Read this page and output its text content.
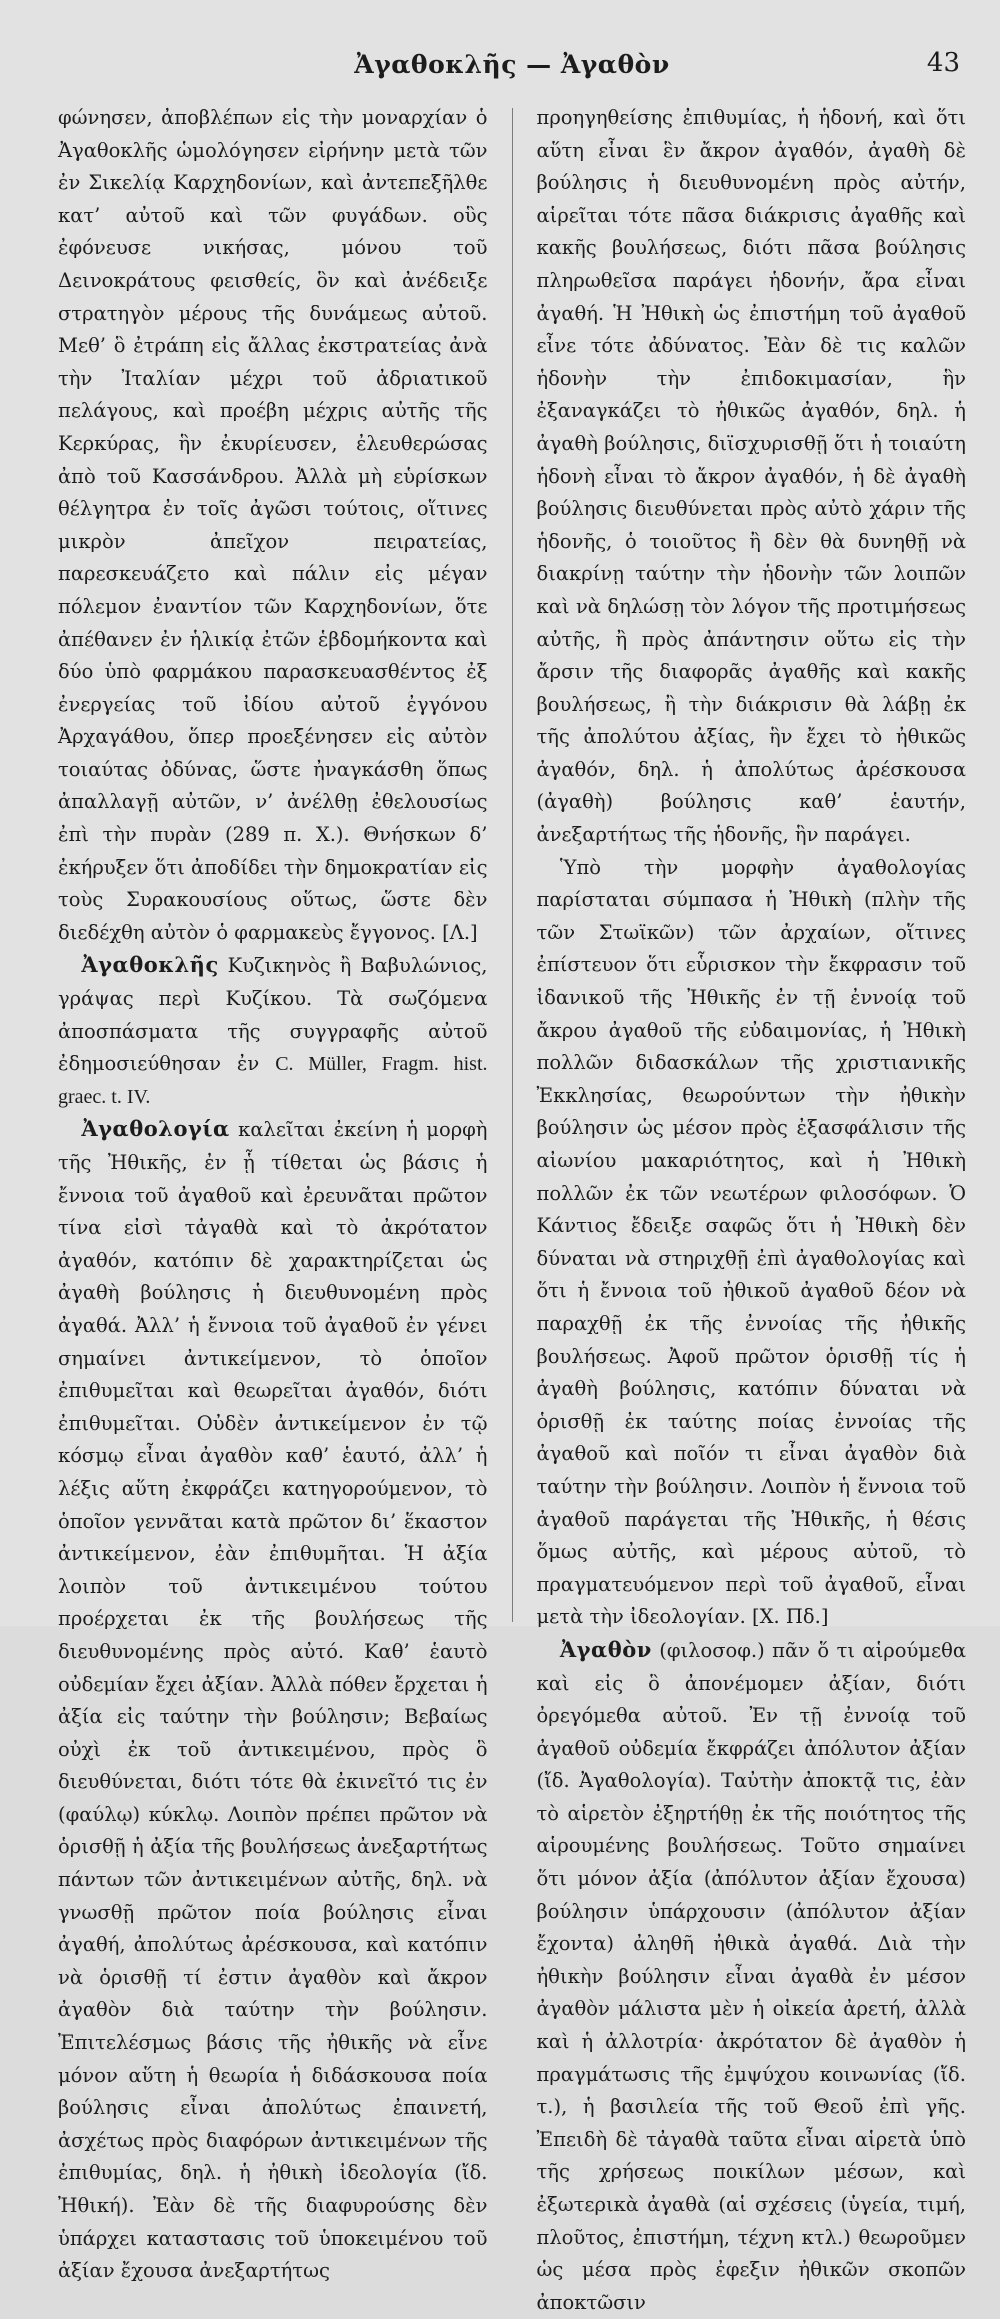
Ἀγαθοκλῆς — Ἀγαθὸν	43

φώνησεν, ἀποβλέπων εἰς τὴν μοναρχίαν ὁ Ἀγαθοκλῆς ὡμολόγησεν εἰρήνην μετὰ τῶν ἐν Σικελίᾳ Καρχηδονίων, καὶ ἀντεπεξῆλθε κατ’ αὐτοῦ καὶ τῶν φυγάδων. οὓς ἐφόνευσε νικήσας, μόνου τοῦ Δεινοκράτους φεισθείς, ὃν καὶ ἀνέδειξε στρατηγὸν μέρους τῆς δυνάμεως αὐτοῦ. Μεθ’ ὃ ἐτράπη εἰς ἄλλας ἐκστρατείας ἀνὰ τὴν Ἰταλίαν μέχρι τοῦ ἀδριατικοῦ πελάγους, καὶ προέβη μέχρις αὐτῆς τῆς Κερκύρας, ἣν ἐκυρίευσεν, ἐλευθερώσας ἀπὸ τοῦ Κασσάνδρου. Ἀλλὰ μὴ εὑρίσκων θέλγητρα ἐν τοῖς ἀγῶσι τούτοις, οἵτινες μικρὸν ἀπεῖχον πειρατείας, παρεσκευάζετο καὶ πάλιν εἰς μέγαν πόλεμον ἐναντίον τῶν Καρχηδονίων, ὅτε ἀπέθανεν ἐν ἡλικίᾳ ἐτῶν ἑβδομήκοντα καὶ δύο ὑπὸ φαρμάκου παρασκευασθέντος ἐξ ἐνεργείας τοῦ ἰδίου αὐτοῦ ἐγγόνου Ἀρχαγάθου, ὅπερ προεξένησεν εἰς αὐτὸν τοιαύτας ὀδύνας, ὥστε ἠναγκάσθη ὅπως ἀπαλλαγῇ αὐτῶν, ν’ ἀνέλθῃ ἐθελουσίως ἐπὶ τὴν πυρὰν (289 π. Χ.). Θνήσκων δ’ ἐκήρυξεν ὅτι ἀποδίδει τὴν δημοκρατίαν εἰς τοὺς Συρακουσίους οὕτως, ὥστε δὲν διεδέχθη αὐτὸν ὁ φαρμακεὺς ἔγγονος. [Λ.]

Ἀγαθοκλῆς Κυζικηνὸς ἢ Βαβυλώνιος, γράψας περὶ Κυζίκου. Τὰ σωζόμενα ἀποσπάσματα τῆς συγγραφῆς αὐτοῦ ἐδημοσιεύθησαν ἐν C. Müller, Fragm. hist. graec. t. IV.

Ἀγαθολογία καλεῖται ἐκείνη ἡ μορφὴ τῆς Ἠθικῆς, ἐν ᾗ τίθεται ὡς βάσις ἡ ἔννοια τοῦ ἀγαθοῦ καὶ ἐρευνᾶται πρῶτον τίνα εἰσὶ τἀγαθὰ καὶ τὸ ἀκρότατον ἀγαθόν, κατόπιν δὲ χαρακτηρίζεται ὡς ἀγαθὴ βούλησις ἡ διευθυνομένη πρὸς ἀγαθά. Ἀλλ’ ἡ ἔννοια τοῦ ἀγαθοῦ ἐν γένει σημαίνει ἀντικείμενον, τὸ ὁποῖον ἐπιθυμεῖται καὶ θεωρεῖται ἀγαθόν, διότι ἐπιθυμεῖται. Οὐδὲν ἀντικείμενον ἐν τῷ κόσμῳ εἶναι ἀγαθὸν καθ’ ἑαυτό, ἀλλ’ ἡ λέξις αὕτη ἐκφράζει κατηγορούμενον, τὸ ὁποῖον γεννᾶται κατὰ πρῶτον δι’ ἕκαστον ἀντικείμενον, ἐὰν ἐπιθυμῆται. Ἡ ἀξία λοιπὸν τοῦ ἀντικειμένου τούτου προέρχεται ἐκ τῆς βουλήσεως τῆς διευθυνομένης πρὸς αὐτό. Καθ’ ἑαυτὸ οὐδεμίαν ἔχει ἀξίαν. Ἀλλὰ πόθεν ἔρχεται ἡ ἀξία εἰς ταύτην τὴν βούλησιν; Βεβαίως οὐχὶ ἐκ τοῦ ἀντικειμένου, πρὸς ὃ διευθύνεται, διότι τότε θὰ ἐκινεῖτό τις ἐν (φαύλῳ) κύκλῳ. Λοιπὸν πρέπει πρῶτον νὰ ὁρισθῇ ἡ ἀξία τῆς βουλήσεως ἀνεξαρτήτως πάντων τῶν ἀντικειμένων αὐτῆς, δηλ. νὰ γνωσθῇ πρῶτον ποία βούλησις εἶναι ἀγαθή, ἀπολύτως ἀρέσκουσα, καὶ κατόπιν νὰ ὁρισθῇ τί ἐστιν ἀγαθὸν καὶ ἄκρον ἀγαθὸν διὰ ταύτην τὴν βούλησιν. Ἐπιτελέσμως βάσις τῆς ἠθικῆς νὰ εἶνε μόνον αὕτη ἡ θεωρία ἡ διδάσκουσα ποία βούλησις εἶναι ἀπολύτως ἐπαινετή, ἀσχέτως πρὸς διαφόρων ἀντικειμένων τῆς ἐπιθυμίας, δηλ. ἡ ἠθικὴ ἰδεολογία (ἴδ. Ἠθική). Ἐὰν δὲ τῆς διαφυρούσης δὲν ὑπάρχει καταστασις τοῦ ὑποκειμένου τοῦ ἀξίαν ἔχουσα ἀνεξαρτήτως

προηγηθείσης ἐπιθυμίας, ἡ ἡδονή, καὶ ὅτι αὕτη εἶναι ἓν ἄκρον ἀγαθόν, ἀγαθὴ δὲ βούλησις ἡ διευθυνομένη πρὸς αὐτήν, αἱρεῖται τότε πᾶσα διάκρισις ἀγαθῆς καὶ κακῆς βουλήσεως, διότι πᾶσα βούλησις πληρωθεῖσα παράγει ἡδονήν, ἄρα εἶναι ἀγαθή. Ἡ Ἠθικὴ ὡς ἐπιστήμη τοῦ ἀγαθοῦ εἶνε τότε ἀδύνατος. Ἐὰν δὲ τις καλῶν ἡδονὴν τὴν ἐπιδοκιμασίαν, ἣν ἐξαναγκάζει τὸ ἠθικῶς ἀγαθόν, δηλ. ἡ ἀγαθὴ βούλησις, διϊσχυρισθῇ ὅτι ἡ τοιαύτη ἡδονὴ εἶναι τὸ ἄκρον ἀγαθόν, ἡ δὲ ἀγαθὴ βούλησις διευθύνεται πρὸς αὐτὸ χάριν τῆς ἡδονῆς, ὁ τοιοῦτος ἢ δὲν θὰ δυνηθῇ νὰ διακρίνῃ ταύτην τὴν ἡδονὴν τῶν λοιπῶν καὶ νὰ δηλώσῃ τὸν λόγον τῆς προτιμήσεως αὐτῆς, ἢ πρὸς ἀπάντησιν οὕτω εἰς τὴν ἄρσιν τῆς διαφορᾶς ἀγαθῆς καὶ κακῆς βουλήσεως, ἢ τὴν διάκρισιν θὰ λάβῃ ἐκ τῆς ἀπολύτου ἀξίας, ἣν ἔχει τὸ ἠθικῶς ἀγαθόν, δηλ. ἡ ἀπολύτως ἀρέσκουσα (ἀγαθὴ) βούλησις καθ’ ἑαυτήν, ἀνεξαρτήτως τῆς ἡδονῆς, ἣν παράγει.

Ὑπὸ τὴν μορφὴν ἀγαθολογίας παρίσταται σύμπασα ἡ Ἠθικὴ (πλὴν τῆς τῶν Στωϊκῶν) τῶν ἀρχαίων, οἵτινες ἐπίστευον ὅτι εὗρισκον τὴν ἔκφρασιν τοῦ ἰδανικοῦ τῆς Ἠθικῆς ἐν τῇ ἐννοίᾳ τοῦ ἄκρου ἀγαθοῦ τῆς εὐδαιμονίας, ἡ Ἠθικὴ πολλῶν διδασκάλων τῆς χριστιανικῆς Ἐκκλησίας, θεωρούντων τὴν ἠθικὴν βούλησιν ὡς μέσον πρὸς ἐξασφάλισιν τῆς αἰωνίου μακαριότητος, καὶ ἡ Ἠθικὴ πολλῶν ἐκ τῶν νεωτέρων φιλοσόφων. Ὁ Κάντιος ἔδειξε σαφῶς ὅτι ἡ Ἠθικὴ δὲν δύναται νὰ στηριχθῇ ἐπὶ ἀγαθολογίας καὶ ὅτι ἡ ἔννοια τοῦ ἠθικοῦ ἀγαθοῦ δέον νὰ παραχθῇ ἐκ τῆς ἐννοίας τῆς ἠθικῆς βουλήσεως. Ἀφοῦ πρῶτον ὁρισθῇ τίς ἡ ἀγαθὴ βούλησις, κατόπιν δύναται νὰ ὁρισθῇ ἐκ ταύτης ποίας ἐννοίας τῆς ἀγαθοῦ καὶ ποῖόν τι εἶναι ἀγαθὸν διὰ ταύτην τὴν βούλησιν. Λοιπὸν ἡ ἔννοια τοῦ ἀγαθοῦ παράγεται τῆς Ἠθικῆς, ἡ θέσις ὅμως αὐτῆς, καὶ μέρους αὐτοῦ, τὸ πραγματευόμενον περὶ τοῦ ἀγαθοῦ, εἶναι μετὰ τὴν ἰδεολογίαν. [Χ. Πδ.]

Ἀγαθὸν (φιλοσοφ.) πᾶν ὅ τι αἱρούμεθα καὶ εἰς ὃ ἀπονέμομεν ἀξίαν, διότι ὀρεγόμεθα αὐτοῦ. Ἐν τῇ ἐννοίᾳ τοῦ ἀγαθοῦ οὐδεμία ἔκφράζει ἀπόλυτον ἀξίαν (ἴδ. Ἀγαθολογία). Ταὐτὴν ἀποκτᾷ τις, ἐὰν τὸ αἱρετὸν ἐξηρτήθῃ ἐκ τῆς ποιότητος τῆς αἱρουμένης βουλήσεως. Τοῦτο σημαίνει ὅτι μόνον ἀξία (ἀπόλυτον ἀξίαν ἔχουσα) βούλησιν ὑπάρχουσιν (ἀπόλυτον ἀξίαν ἔχοντα) ἀληθῆ ἠθικὰ ἀγαθά. Διὰ τὴν ἠθικὴν βούλησιν εἶναι ἀγαθὰ ἐν μέσον ἀγαθὸν μάλιστα μὲν ἡ οἰκεία ἀρετή, ἀλλὰ καὶ ἡ ἀλλοτρία· ἀκρότατον δὲ ἀγαθὸν ἡ πραγμάτωσις τῆς ἐμψύχου κοινωνίας (ἴδ. τ.), ἡ βασιλεία τῆς τοῦ Θεοῦ ἐπὶ γῆς. Ἐπειδὴ δὲ τἀγαθὰ ταῦτα εἶναι αἱρετὰ ὑπὸ τῆς χρήσεως ποικίλων μέσων, καὶ ἐξωτερικὰ ἀγαθὰ (αἱ σχέσεις (ὑγεία, τιμή, πλοῦτος, ἐπιστήμη, τέχνη κτλ.) θεωροῦμεν ὡς μέσα πρὸς ἐφεξιν ἠθικῶν σκοπῶν ἀποκτῶσιν
